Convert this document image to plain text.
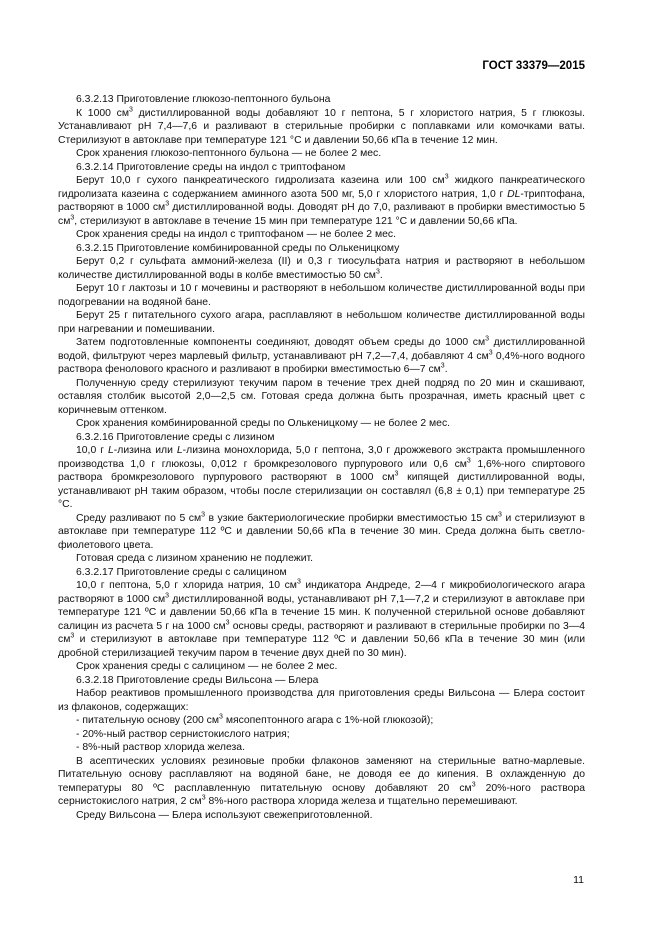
ГОСТ 33379—2015

6.3.2.13 Приготовление глюкозо-пептонного бульона

К 1000 $см^3$ дистиллированной воды добавляют 10 г пептона, 5 г хлористого натрия, 5 г глюкозы. Устанавливают pH 7,4—7,6 и разливают в стерильные пробирки с поплавками или комочками ваты. Стерилизуют в автоклаве при температуре 121 °С и давлении 50,66 кПа в течение 12 мин.

Срок хранения глюкозо-пептонного бульона — не более 2 мес.

6.3.2.14 Приготовление среды на индол с триптофаном

Берут 10,0 г сухого панкреатического гидролизата казеина или 100 $см^3$ жидкого панкреатического гидролизата казеина с содержанием аминного азота 500 мг, 5,0 г хлористого натрия, 1,0 г DL-триптофана, растворяют в 1000 $см^3$ дистиллированной воды. Доводят pH до 7,0, разливают в пробирки вместимостью 5 $см^3$, стерилизуют в автоклаве в течение 15 мин при температуре 121 °С и давлении 50,66 кПа.

Срок хранения среды на индол с триптофаном — не более 2 мес.

6.3.2.15 Приготовление комбинированной среды по Олькеницкому

Берут 0,2 г сульфата аммоний-железа (II) и 0,3 г тиосульфата натрия и растворяют в небольшом количестве дистиллированной воды в колбе вместимостью 50 $см^3$.

Берут 10 г лактозы и 10 г мочевины и растворяют в небольшом количестве дистиллированной воды при подогревании на водяной бане.

Берут 25 г питательного сухого агара, расплавляют в небольшом количестве дистиллированной воды при нагревании и помешивании.

Затем подготовленные компоненты соединяют, доводят объем среды до 1000 $см^3$ дистиллированной водой, фильтруют через марлевый фильтр, устанавливают pH 7,2—7,4, добавляют 4 $см^3$ 0,4%-ного водного раствора фенолового красного и разливают в пробирки вместимостью 6—7 $см^3$.

Полученную среду стерилизуют текучим паром в течение трех дней подряд по 20 мин и скашивают, оставляя столбик высотой 2,0—2,5 см. Готовая среда должна быть прозрачная, иметь красный цвет с коричневым оттенком.

Срок хранения комбинированной среды по Олькеницкому — не более 2 мес.

6.3.2.16 Приготовление среды с лизином

10,0 г L-лизина или L-лизина монохлорида, 5,0 г пептона, 3,0 г дрожжевого экстракта промышленного производства 1,0 г глюкозы, 0,012 г бромкрезолового пурпурового или 0,6 $см^3$ 1,6%-ного спиртового раствора бромкрезолового пурпурового растворяют в 1000 $см^3$ кипящей дистиллированной воды, устанавливают pH таким образом, чтобы после стерилизации он составлял (6,8 ± 0,1) при температуре 25 °С.

Среду разливают по 5 $см^3$ в узкие бактериологические пробирки вместимостью 15 $см^3$ и стерилизуют в автоклаве при температуре 112 ºС и давлении 50,66 кПа в течение 30 мин. Среда должна быть светло-фиолетового цвета.

Готовая среда с лизином хранению не подлежит.

6.3.2.17 Приготовление среды с салицином

10,0 г пептона, 5,0 г хлорида натрия, 10 $см^3$ индикатора Андреде, 2—4 г микробиологического агара растворяют в 1000 $см^3$ дистиллированной воды, устанавливают pH 7,1—7,2 и стерилизуют в автоклаве при температуре 121 ºС и давлении 50,66 кПа в течение 15 мин. К полученной стерильной основе добавляют салицин из расчета 5 г на 1000 $см^3$ основы среды, растворяют и разливают в стерильные пробирки по 3—4 $см^3$ и стерилизуют в автоклаве при температуре 112 ºС и давлении 50,66 кПа в течение 30 мин (или дробной стерилизацией текучим паром в течение двух дней по 30 мин).

Срок хранения среды с салицином — не более 2 мес.

6.3.2.18 Приготовление среды Вильсона — Блера

Набор реактивов промышленного производства для приготовления среды Вильсона — Блера состоит из флаконов, содержащих:

- питательную основу (200 $см^3$ мясопептонного агара с 1%-ной глюкозой);

- 20%-ный раствор сернистокислого натрия;

- 8%-ный раствор хлорида железа.

В асептических условиях резиновые пробки флаконов заменяют на стерильные ватно-марлевые. Питательную основу расплавляют на водяной бане, не доводя ее до кипения. В охлажденную до температуры 80 ºС расплавленную питательную основу добавляют 20 $см^3$ 20%-ного раствора сернистокислого натрия, 2 $см^3$ 8%-ного раствора хлорида железа и тщательно перемешивают.

Среду Вильсона — Блера используют свежеприготовленной.

11
